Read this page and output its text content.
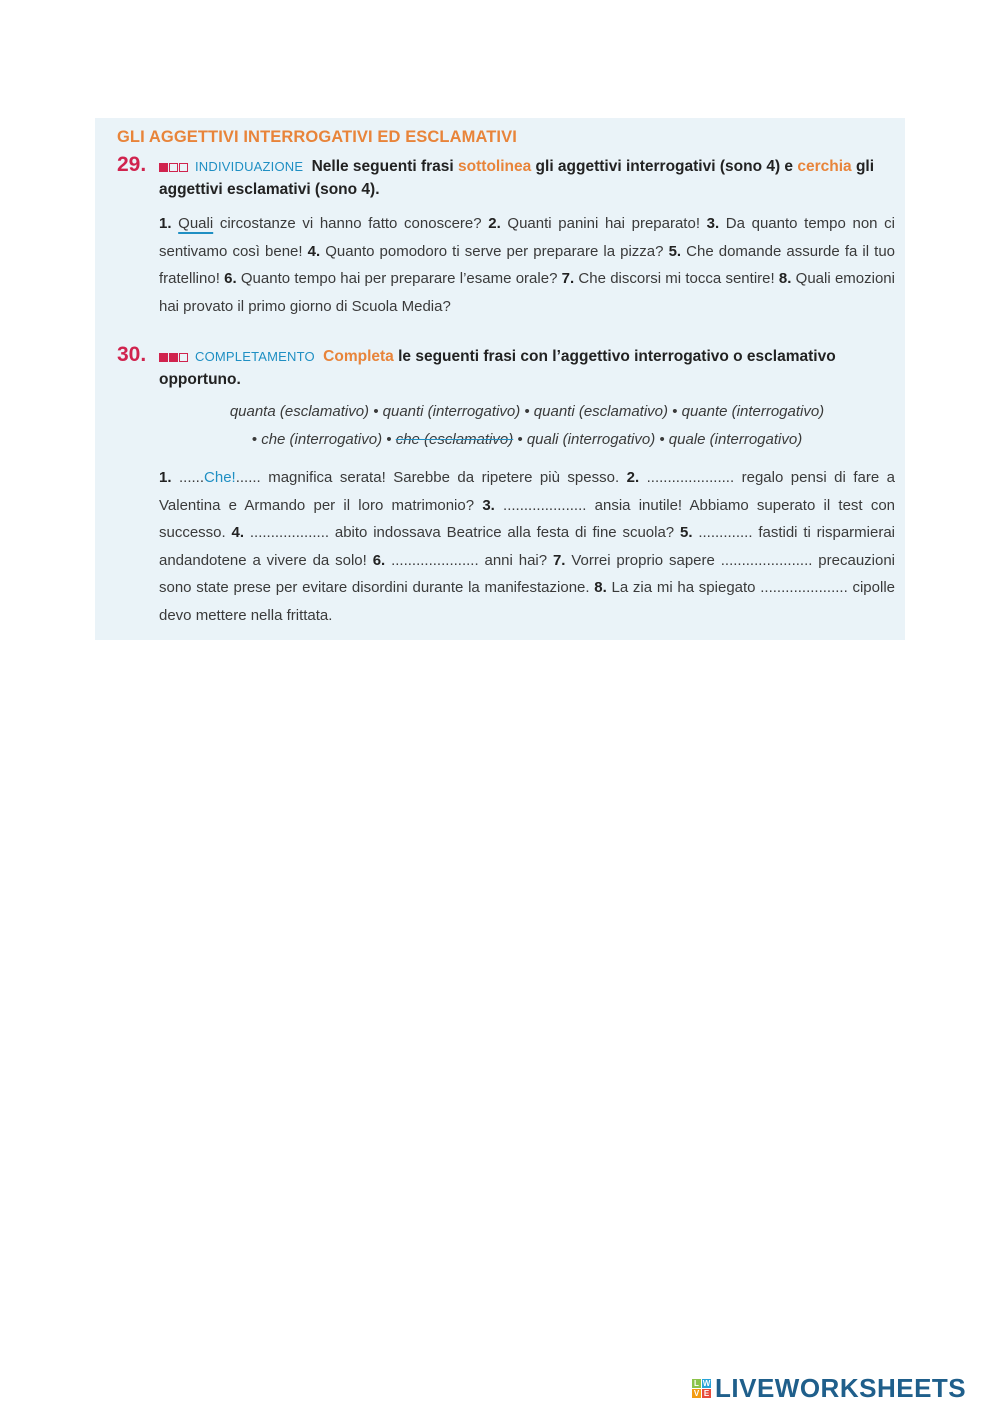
GLI AGGETTIVI INTERROGATIVI ED ESCLAMATIVI
29.	INDIVIDUAZIONE Nelle seguenti frasi sottolinea gli aggettivi interrogativi (sono 4) e cerchia gli aggettivi esclamativi (sono 4).
1. Quali circostanze vi hanno fatto conoscere? 2. Quanti panini hai preparato! 3. Da quanto tempo non ci sentivamo così bene! 4. Quanto pomodoro ti serve per preparare la pizza? 5. Che domande assurde fa il tuo fratellino! 6. Quanto tempo hai per preparare l’esame orale? 7. Che discorsi mi tocca sentire! 8. Quali emozioni hai provato il primo giorno di Scuola Media?
30.	COMPLETAMENTO Completa le seguenti frasi con l’aggettivo interrogativo o esclamativo opportuno.
quanta (esclamativo) • quanti (interrogativo) • quanti (esclamativo) • quante (interrogativo)
• che (interrogativo) • che (esclamativo) • quali (interrogativo) • quale (interrogativo)
1. ......Che!...... magnifica serata! Sarebbe da ripetere più spesso. 2. ..................... regalo pensi di fare a Valentina e Armando per il loro matrimonio? 3. .................... ansia inutile! Abbiamo superato il test con successo. 4. ................... abito indossava Beatrice alla festa di fine scuola? 5. ............. fastidi ti risparmierai andandotene a vivere da solo! 6. ..................... anni hai? 7. Vorrei proprio sapere ...................... precauzioni sono state prese per evitare disordini durante la manifestazione. 8. La zia mi ha spiegato ..................... cipolle devo mettere nella frittata.
L W
V E LIVEWORKSHEETS
